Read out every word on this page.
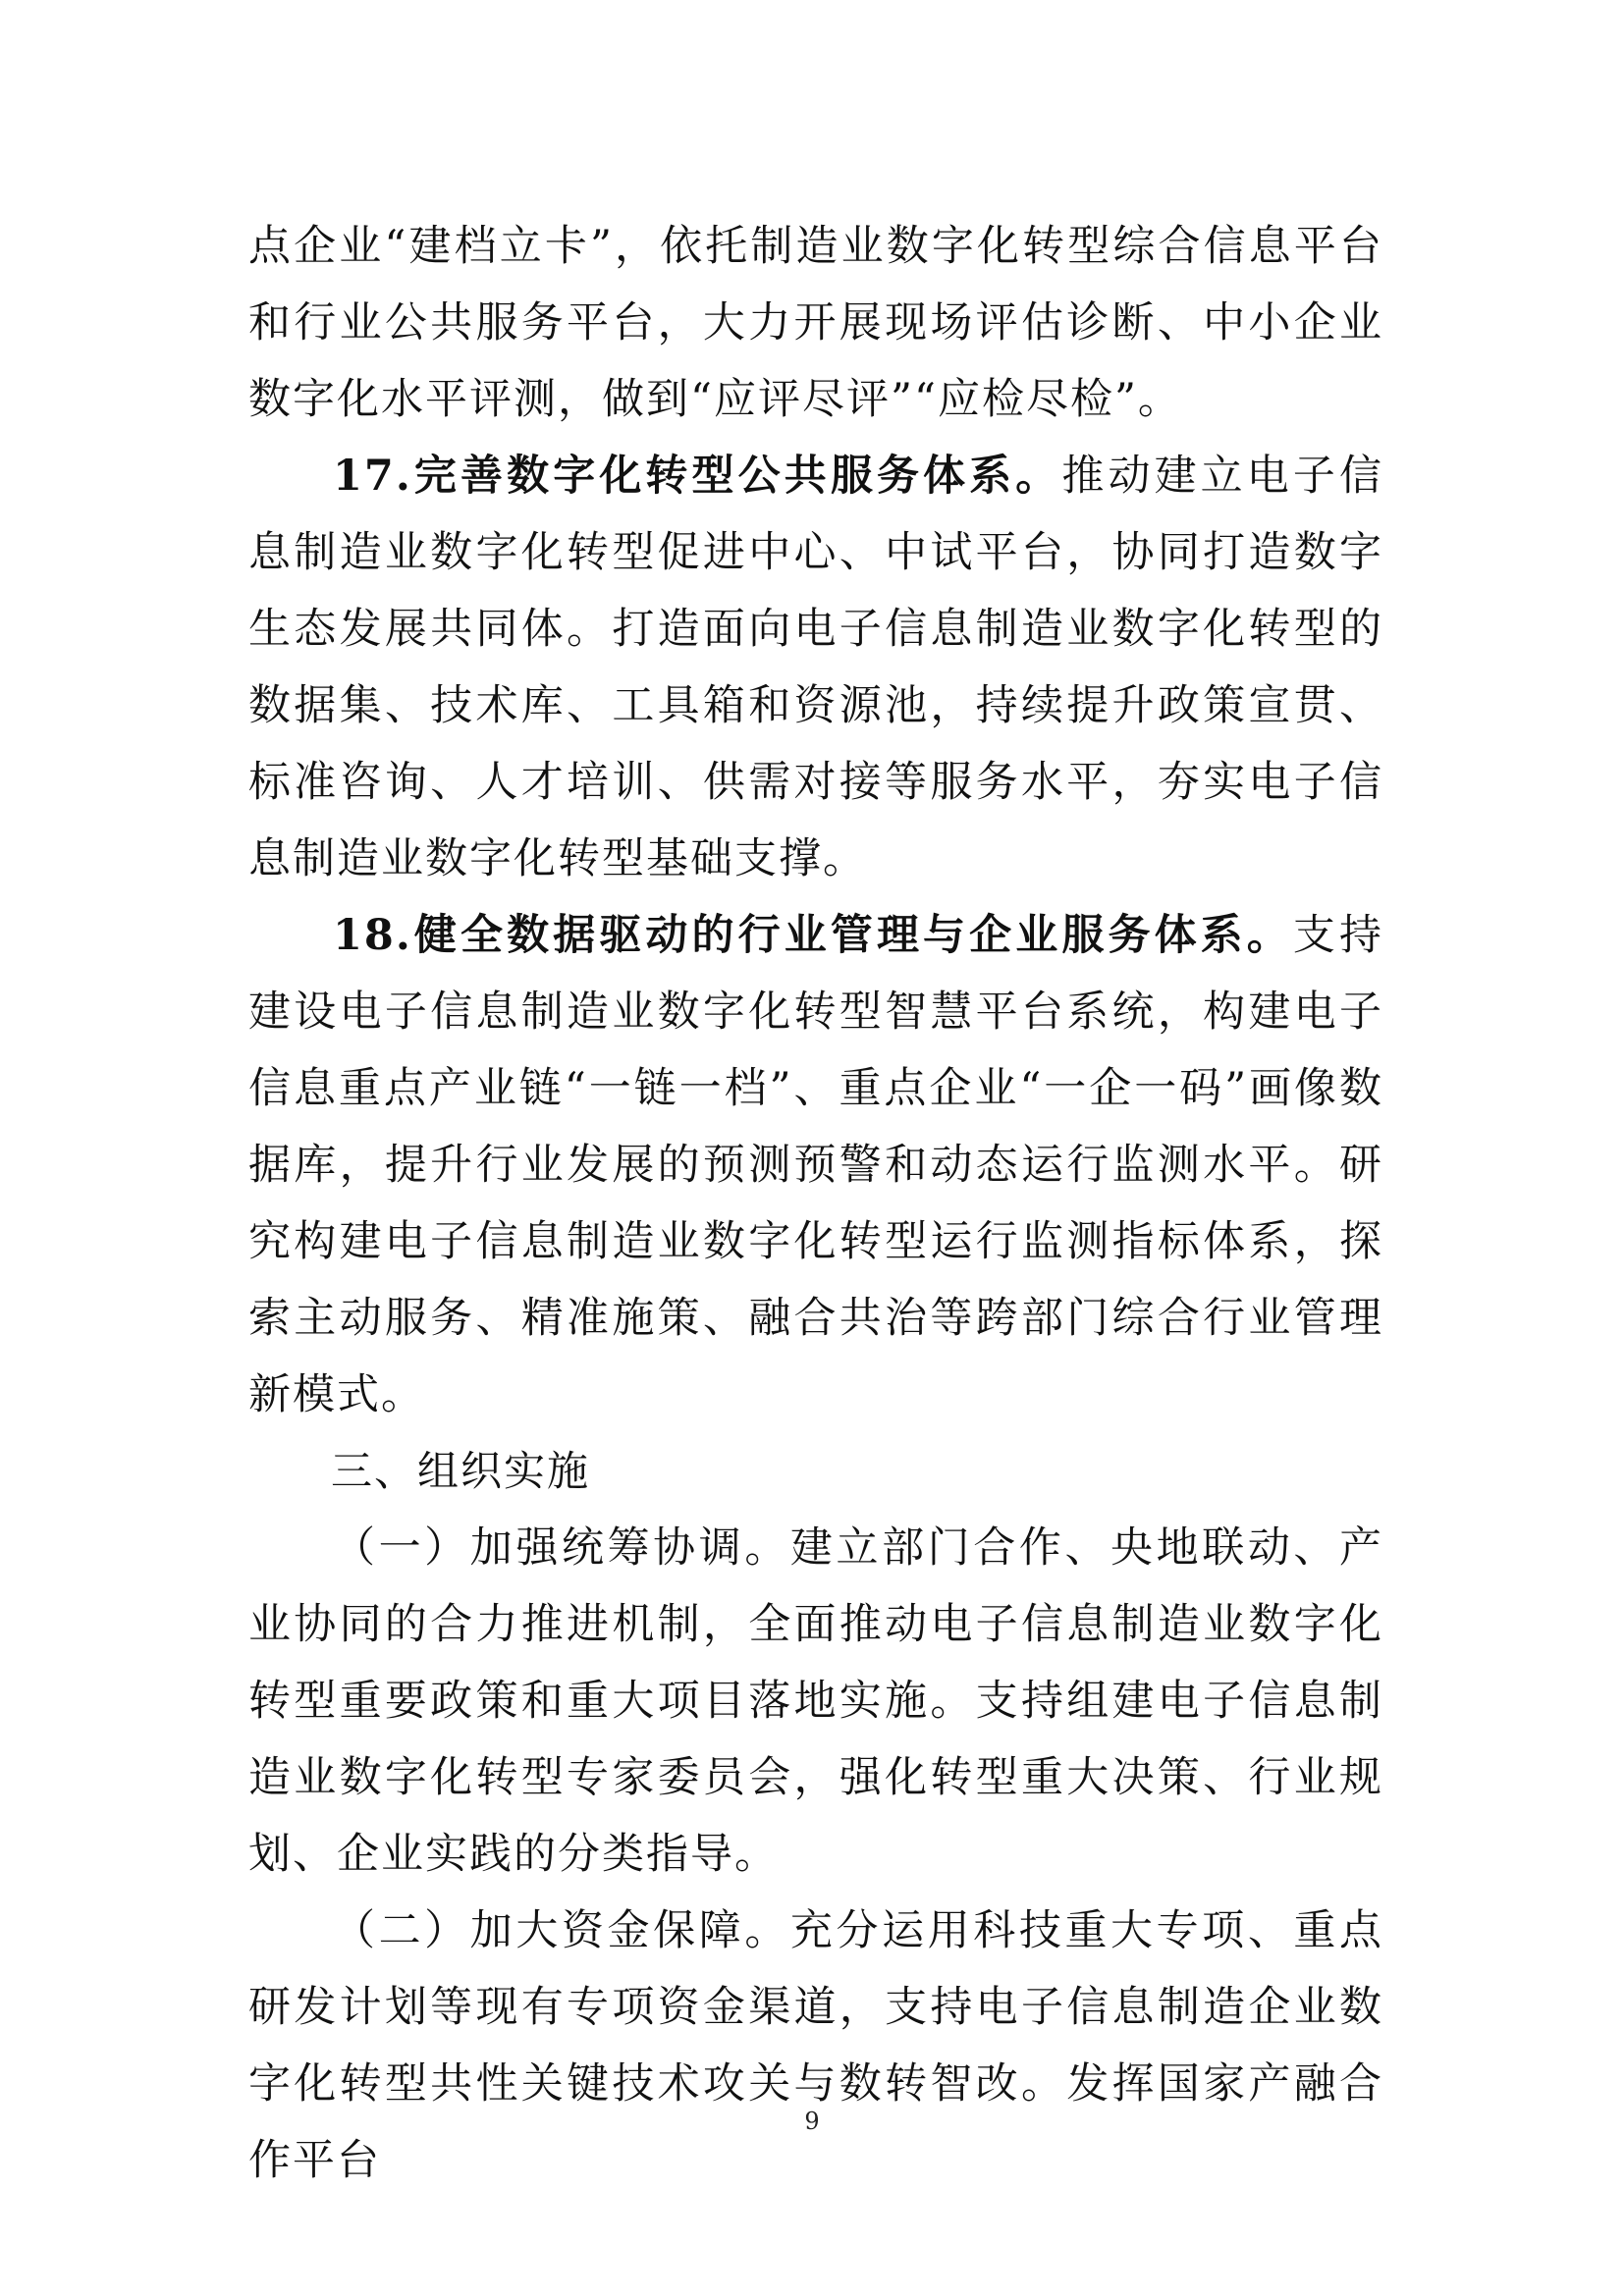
点企业“建档立卡”，依托制造业数字化转型综合信息平台和行业公共服务平台，大力开展现场评估诊断、中小企业数字化水平评测，做到“应评尽评”“应检尽检”。

17.完善数字化转型公共服务体系。推动建立电子信息制造业数字化转型促进中心、中试平台，协同打造数字生态发展共同体。打造面向电子信息制造业数字化转型的数据集、技术库、工具箱和资源池，持续提升政策宣贯、标准咨询、人才培训、供需对接等服务水平，夯实电子信息制造业数字化转型基础支撑。

18.健全数据驱动的行业管理与企业服务体系。支持建设电子信息制造业数字化转型智慧平台系统，构建电子信息重点产业链“一链一档”、重点企业“一企一码”画像数据库，提升行业发展的预测预警和动态运行监测水平。研究构建电子信息制造业数字化转型运行监测指标体系，探索主动服务、精准施策、融合共治等跨部门综合行业管理新模式。

三、组织实施

（一）加强统筹协调。建立部门合作、央地联动、产业协同的合力推进机制，全面推动电子信息制造业数字化转型重要政策和重大项目落地实施。支持组建电子信息制造业数字化转型专家委员会，强化转型重大决策、行业规划、企业实践的分类指导。

（二）加大资金保障。充分运用科技重大专项、重点研发计划等现有专项资金渠道，支持电子信息制造企业数字化转型共性关键技术攻关与数转智改。发挥国家产融合作平台

9
